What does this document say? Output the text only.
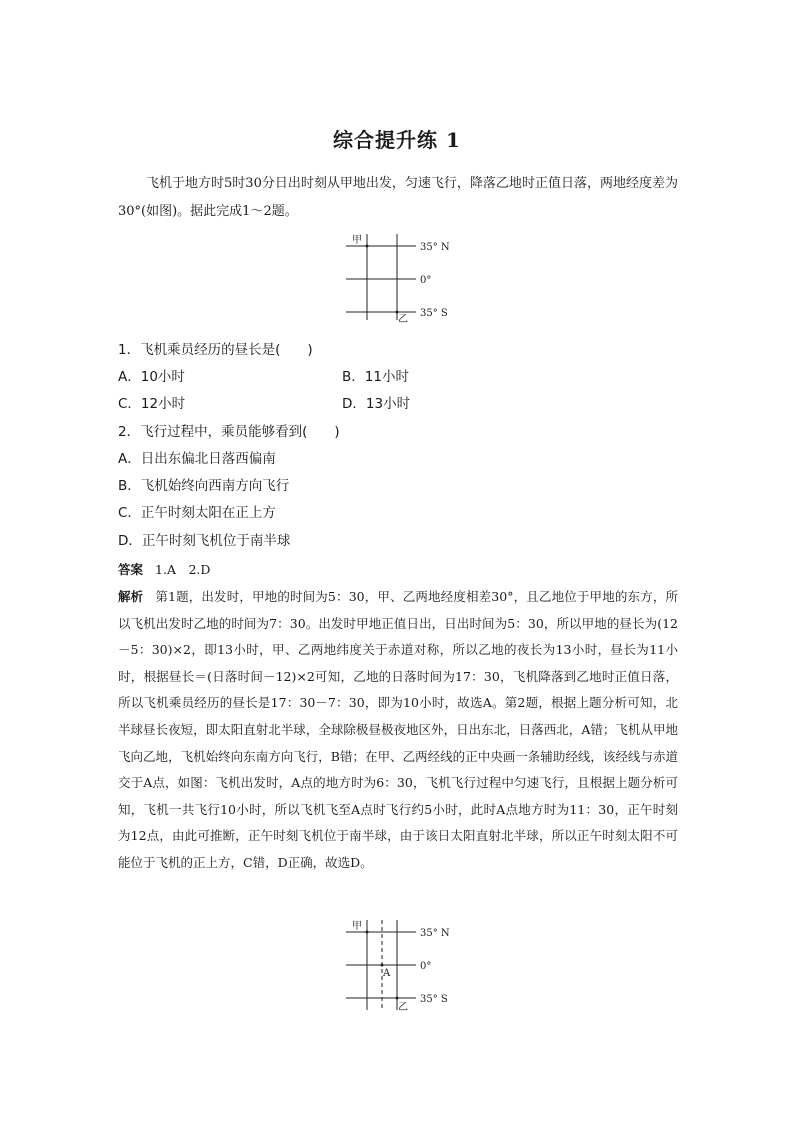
综合提升练 1
飞机于地方时5时30分日出时刻从甲地出发，匀速飞行，降落乙地时正值日落，两地经度差为30°(如图)。据此完成1～2题。
甲
乙
35° N
0°
35° S
1．飞机乘员经历的昼长是(　　)
A．10小时	B．11小时
C．12小时	D．13小时
2．飞行过程中，乘员能够看到(　　)
A．日出东偏北日落西偏南
B．飞机始终向西南方向飞行
C．正午时刻太阳在正上方
D．正午时刻飞机位于南半球
答案 1.A　2.D
解析 第1题，出发时，甲地的时间为5：30，甲、乙两地经度相差30°，且乙地位于甲地的东方，所以飞机出发时乙地的时间为7：30。出发时甲地正值日出，日出时间为5：30，所以甲地的昼长为(12－5：30)×2，即13小时，甲、乙两地纬度关于赤道对称，所以乙地的夜长为13小时，昼长为11小时，根据昼长＝(日落时间－12)×2可知，乙地的日落时间为17：30，飞机降落到乙地时正值日落，所以飞机乘员经历的昼长是17：30－7：30，即为10小时，故选A。第2题，根据上题分析可知，北半球昼长夜短，即太阳直射北半球，全球除极昼极夜地区外，日出东北，日落西北，A错；飞机从甲地飞向乙地，飞机始终向东南方向飞行，B错；在甲、乙两经线的正中央画一条辅助经线，该经线与赤道交于A点，如图：飞机出发时，A点的地方时为6：30，飞机飞行过程中匀速飞行，且根据上题分析可知，飞机一共飞行10小时，所以飞机飞至A点时飞行约5小时，此时A点地方时为11：30，正午时刻为12点，由此可推断，正午时刻飞机位于南半球，由于该日太阳直射北半球，所以正午时刻太阳不可能位于飞机的正上方，C错，D正确，故选D。
甲
乙
A
35° N
0°
35° S
